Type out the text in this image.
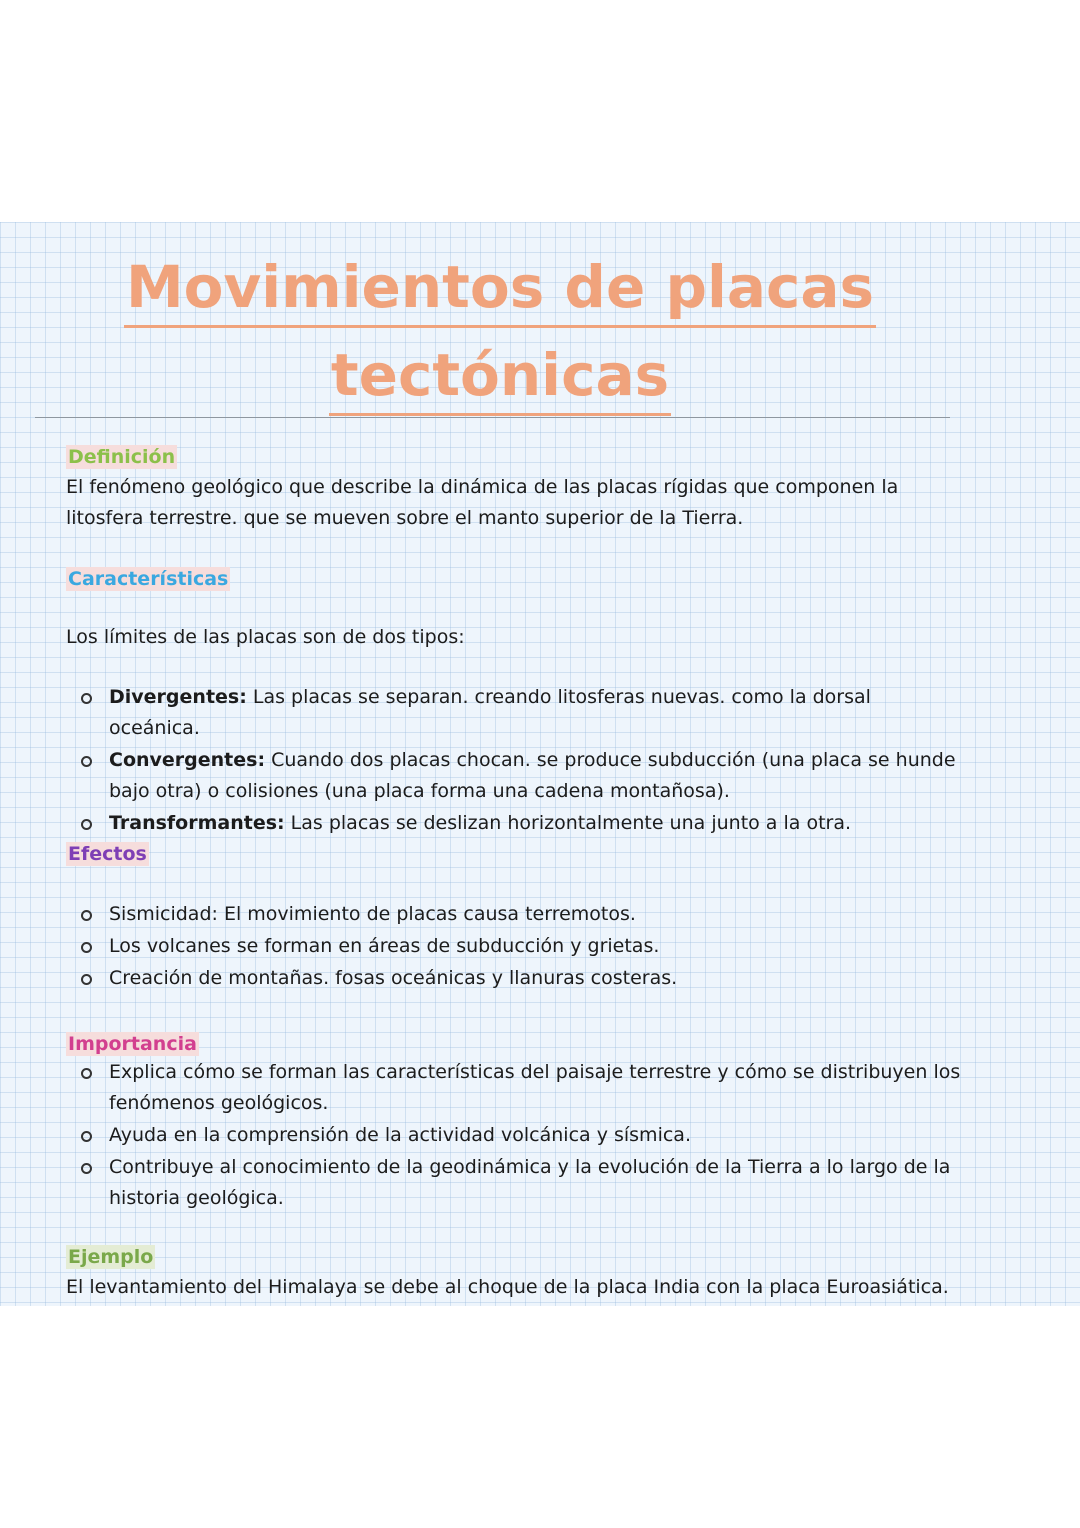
Movimientos de placas
tectónicas
Definición
El fenómeno geológico que describe la dinámica de las placas rígidas que componen la litosfera terrestre. que se mueven sobre el manto superior de la Tierra.
Características
Los límites de las placas son de dos tipos:
Divergentes: Las placas se separan. creando litosferas nuevas. como la dorsal oceánica.
Convergentes: Cuando dos placas chocan. se produce subducción (una placa se hunde bajo otra) o colisiones (una placa forma una cadena montañosa).
Transformantes: Las placas se deslizan horizontalmente una junto a la otra.
Efectos
Sismicidad: El movimiento de placas causa terremotos.
Los volcanes se forman en áreas de subducción y grietas.
Creación de montañas. fosas oceánicas y llanuras costeras.
Importancia
Explica cómo se forman las características del paisaje terrestre y cómo se distribuyen los fenómenos geológicos.
Ayuda en la comprensión de la actividad volcánica y sísmica.
Contribuye al conocimiento de la geodinámica y la evolución de la Tierra a lo largo de la historia geológica.
Ejemplo
El levantamiento del Himalaya se debe al choque de la placa India con la placa Euroasiática.
